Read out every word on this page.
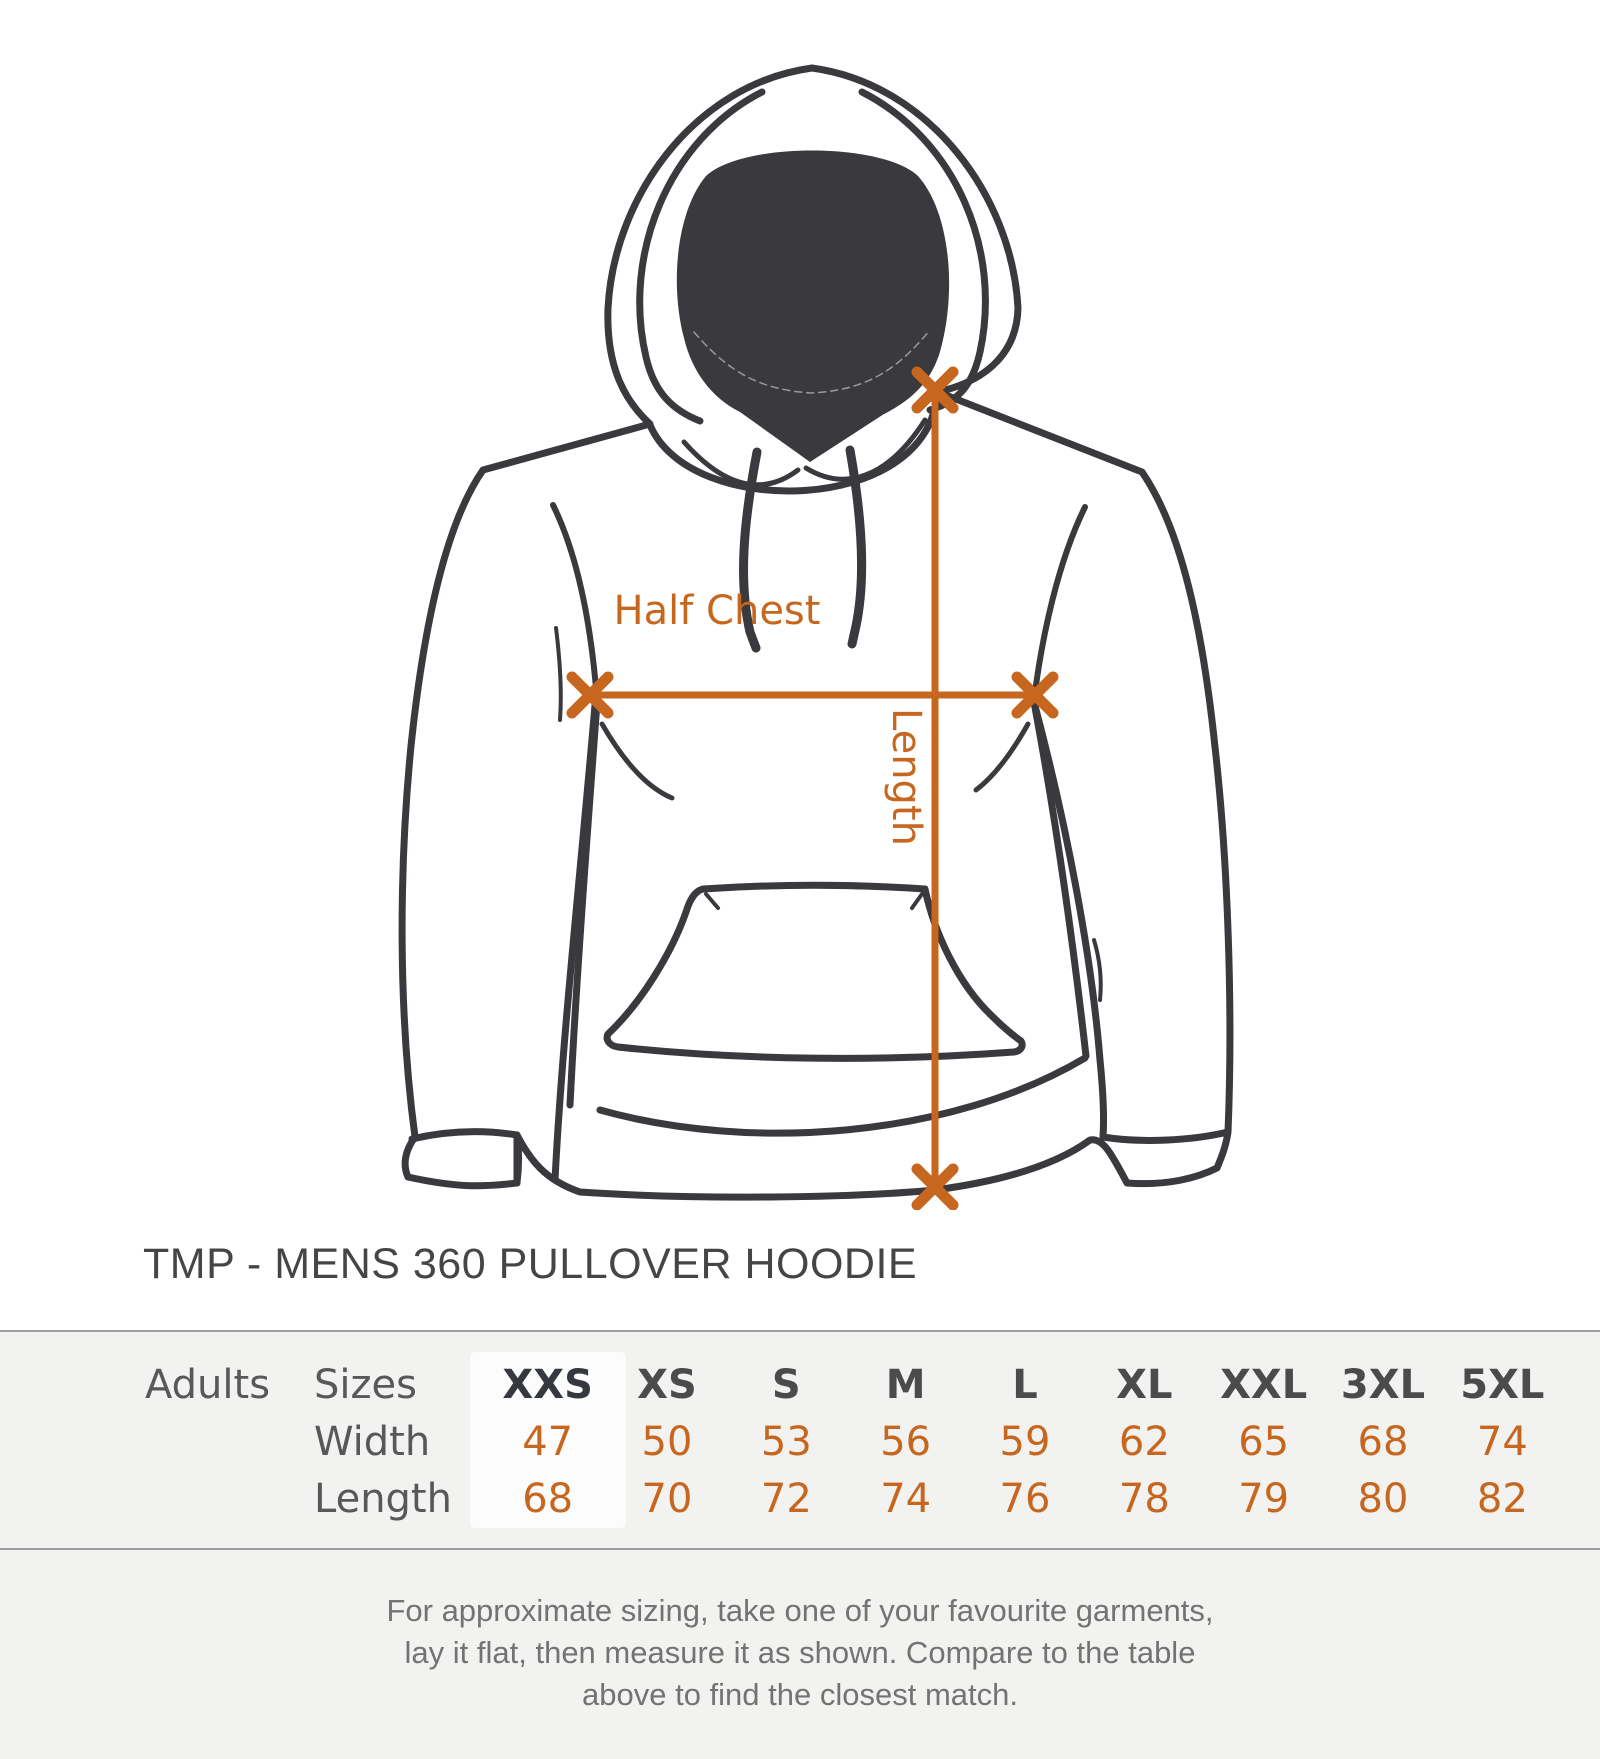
Half Chest
Length
TMP - MENS 360 PULLOVER HOODIE
Adults Sizes	XXS	XS	S	M	L	XL	XXL 3XL 5XL
Width	47	50	53	56	59	62	65	68	74
Length	68	70	72	74	76	78	79	80	82
For approximate sizing, take one of your favourite garments,
lay it flat, then measure it as shown. Compare to the table
above to find the closest match.
